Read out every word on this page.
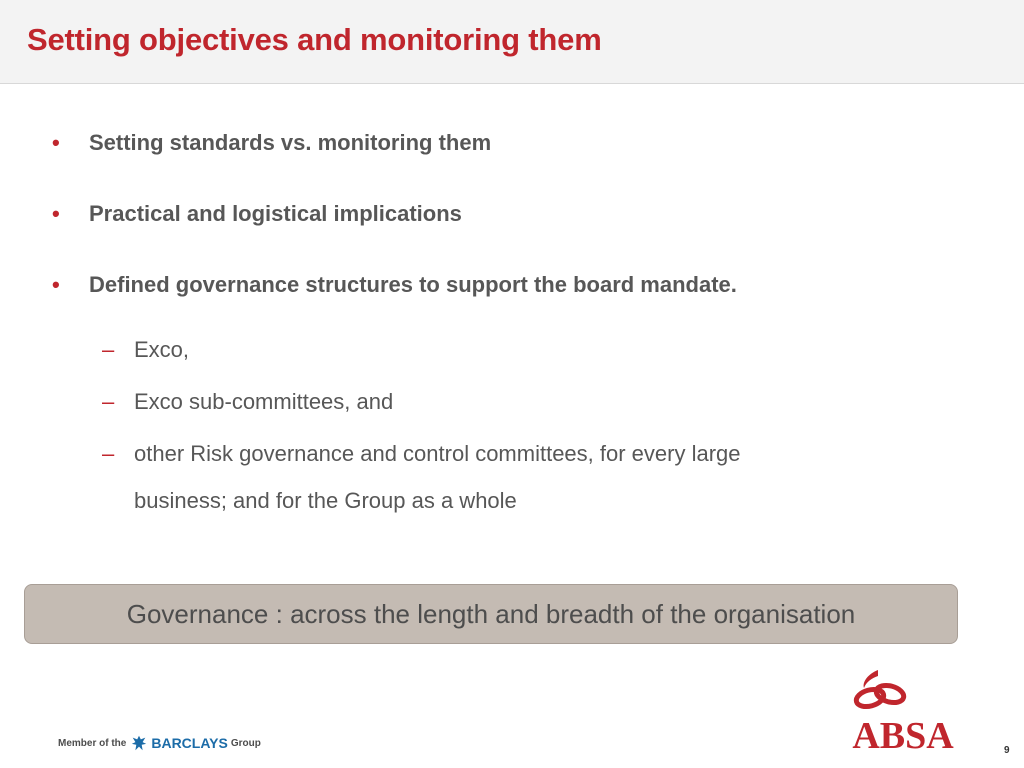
Setting objectives and monitoring them
• Setting standards vs. monitoring them
• Practical and logistical implications
• Defined governance structures to support the board mandate.
– Exco,
– Exco sub-committees, and
– other Risk governance and control committees, for every large
business; and for the Group as a whole
Governance : across the length and breadth of the organisation
Member of the BARCLAYS Group	ABSA	9
